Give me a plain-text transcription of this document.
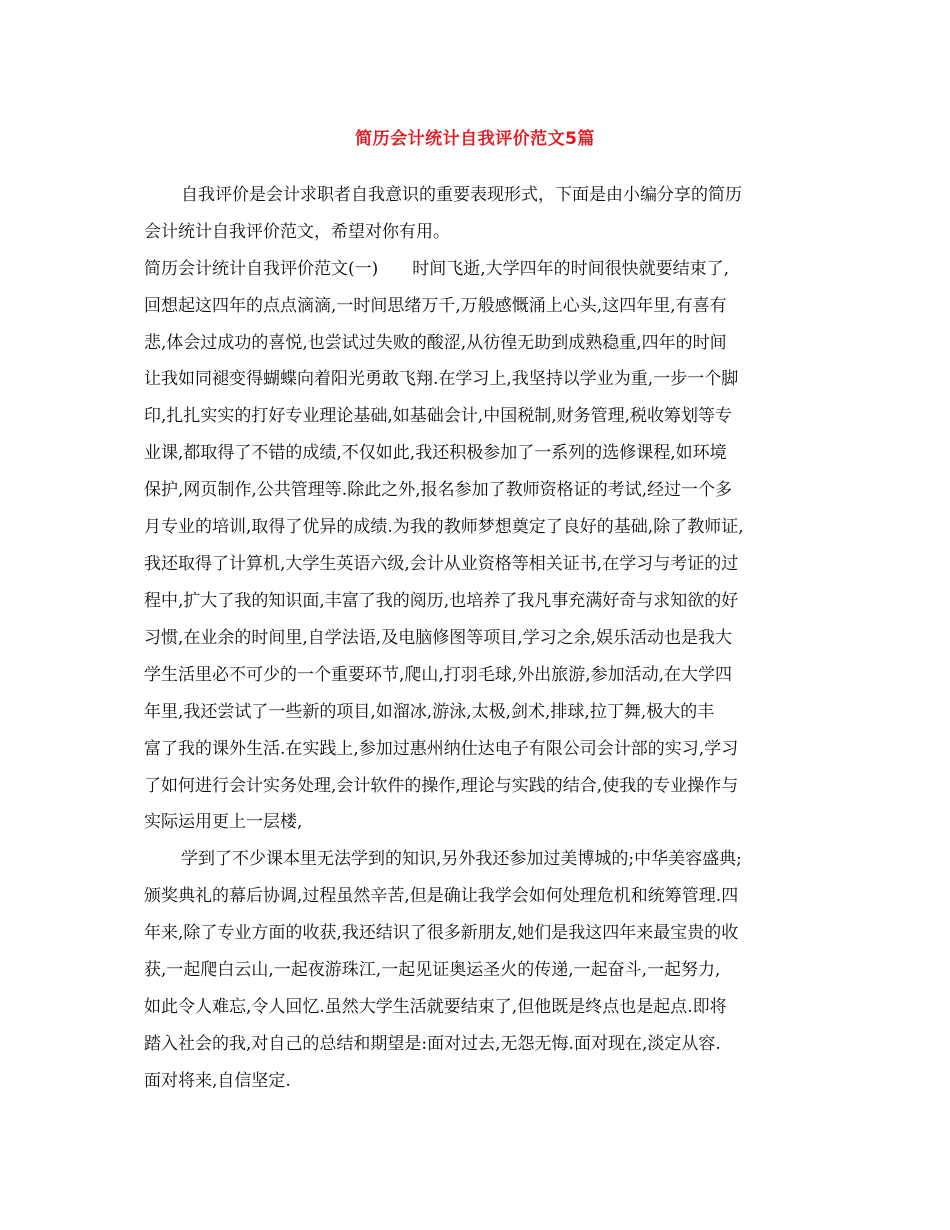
简历会计统计自我评价范文5篇
自我评价是会计求职者自我意识的重要表现形式，下面是由小编分享的简历
会计统计自我评价范文，希望对你有用。
简历会计统计自我评价范文(一)　　时间飞逝,大学四年的时间很快就要结束了,
回想起这四年的点点滴滴,一时间思绪万千,万般感慨涌上心头,这四年里,有喜有
悲,体会过成功的喜悦,也尝试过失败的酸涩,从彷徨无助到成熟稳重,四年的时间
让我如同褪变得蝴蝶向着阳光勇敢飞翔.在学习上,我坚持以学业为重,一步一个脚
印,扎扎实实的打好专业理论基础,如基础会计,中国税制,财务管理,税收筹划等专
业课,都取得了不错的成绩,不仅如此,我还积极参加了一系列的选修课程,如环境
保护,网页制作,公共管理等.除此之外,报名参加了教师资格证的考试,经过一个多
月专业的培训,取得了优异的成绩.为我的教师梦想奠定了良好的基础,除了教师证,
我还取得了计算机,大学生英语六级,会计从业资格等相关证书,在学习与考证的过
程中,扩大了我的知识面,丰富了我的阅历,也培养了我凡事充满好奇与求知欲的好
习惯,在业余的时间里,自学法语,及电脑修图等项目,学习之余,娱乐活动也是我大
学生活里必不可少的一个重要环节,爬山,打羽毛球,外出旅游,参加活动,在大学四
年里,我还尝试了一些新的项目,如溜冰,游泳,太极,剑术,排球,拉丁舞,极大的丰
富了我的课外生活.在实践上,参加过惠州纳仕达电子有限公司会计部的实习,学习
了如何进行会计实务处理,会计软件的操作,理论与实践的结合,使我的专业操作与
实际运用更上一层楼,
学到了不少课本里无法学到的知识,另外我还参加过美博城的;中华美容盛典;
颁奖典礼的幕后协调,过程虽然辛苦,但是确让我学会如何处理危机和统筹管理.四
年来,除了专业方面的收获,我还结识了很多新朋友,她们是我这四年来最宝贵的收
获,一起爬白云山,一起夜游珠江,一起见证奥运圣火的传递,一起奋斗,一起努力,
如此令人难忘,令人回忆.虽然大学生活就要结束了,但他既是终点也是起点.即将
踏入社会的我,对自己的总结和期望是:面对过去,无怨无悔.面对现在,淡定从容.
面对将来,自信坚定.
